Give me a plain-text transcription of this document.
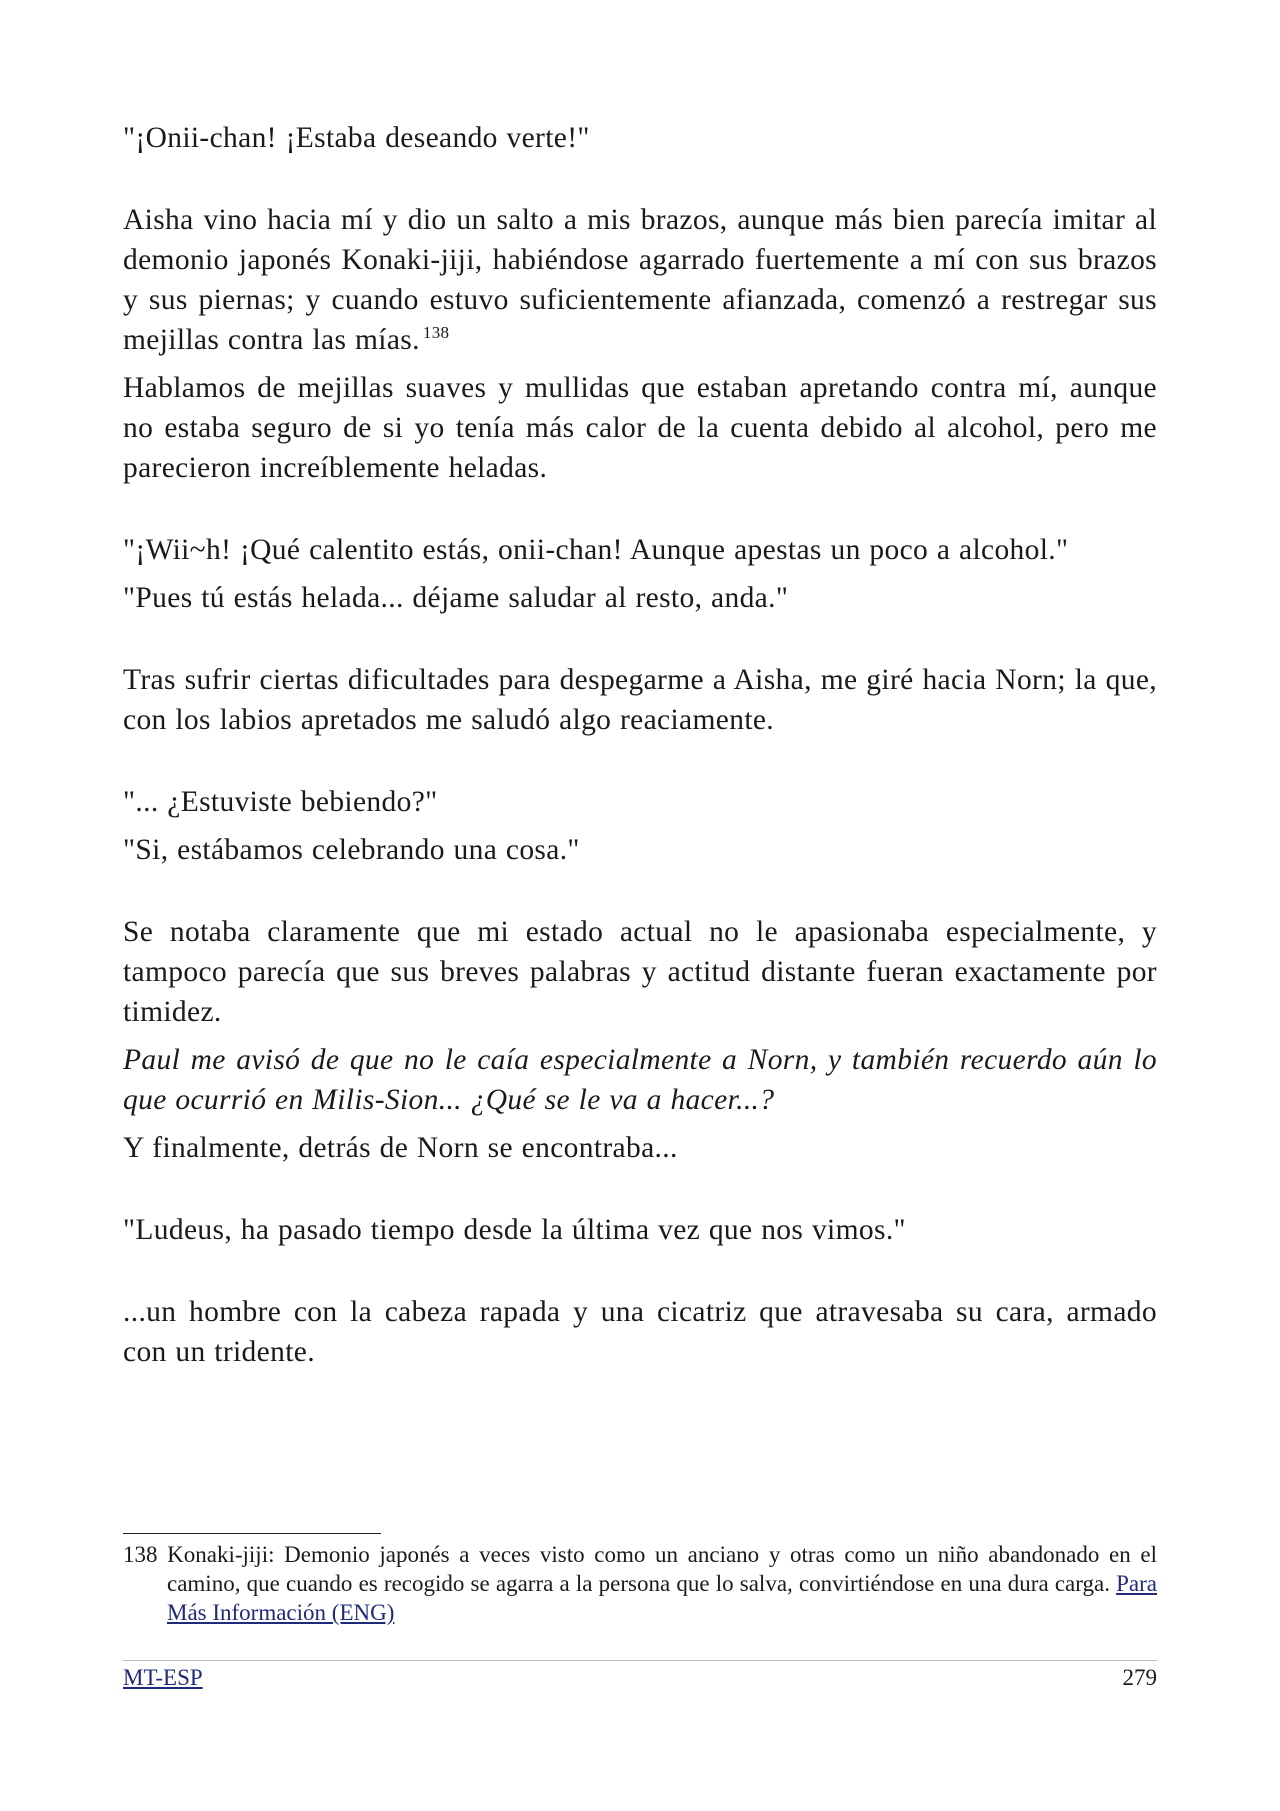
"¡Onii-chan! ¡Estaba deseando verte!"

Aisha vino hacia mí y dio un salto a mis brazos, aunque más bien parecía imitar al demonio japonés Konaki-jiji, habiéndose agarrado fuertemente a mí con sus brazos y sus piernas; y cuando estuvo suficientemente afianzada, comenzó a restregar sus mejillas contra las mías. $^{138}$

Hablamos de mejillas suaves y mullidas que estaban apretando contra mí, aunque no estaba seguro de si yo tenía más calor de la cuenta debido al alcohol, pero me parecieron increíblemente heladas.

"¡Wii~h! ¡Qué calentito estás, onii-chan! Aunque apestas un poco a alcohol."

"Pues tú estás helada... déjame saludar al resto, anda."

Tras sufrir ciertas dificultades para despegarme a Aisha, me giré hacia Norn; la que, con los labios apretados me saludó algo reaciamente.

"... ¿Estuviste bebiendo?"

"Si, estábamos celebrando una cosa."

Se notaba claramente que mi estado actual no le apasionaba especialmente, y tampoco parecía que sus breves palabras y actitud distante fueran exactamente por timidez.

Paul me avisó de que no le caía especialmente a Norn, y también recuerdo aún lo que ocurrió en Milis-Sion... ¿Qué se le va a hacer...?

Y finalmente, detrás de Norn se encontraba...

"Ludeus, ha pasado tiempo desde la última vez que nos vimos."

...un hombre con la cabeza rapada y una cicatriz que atravesaba su cara, armado con un tridente.

138 Konaki-jiji: Demonio japonés a veces visto como un anciano y otras como un niño abandonado en el camino, que cuando es recogido se agarra a la persona que lo salva, convirtiéndose en una dura carga. Para Más Información (ENG)
MT-ESP	279
